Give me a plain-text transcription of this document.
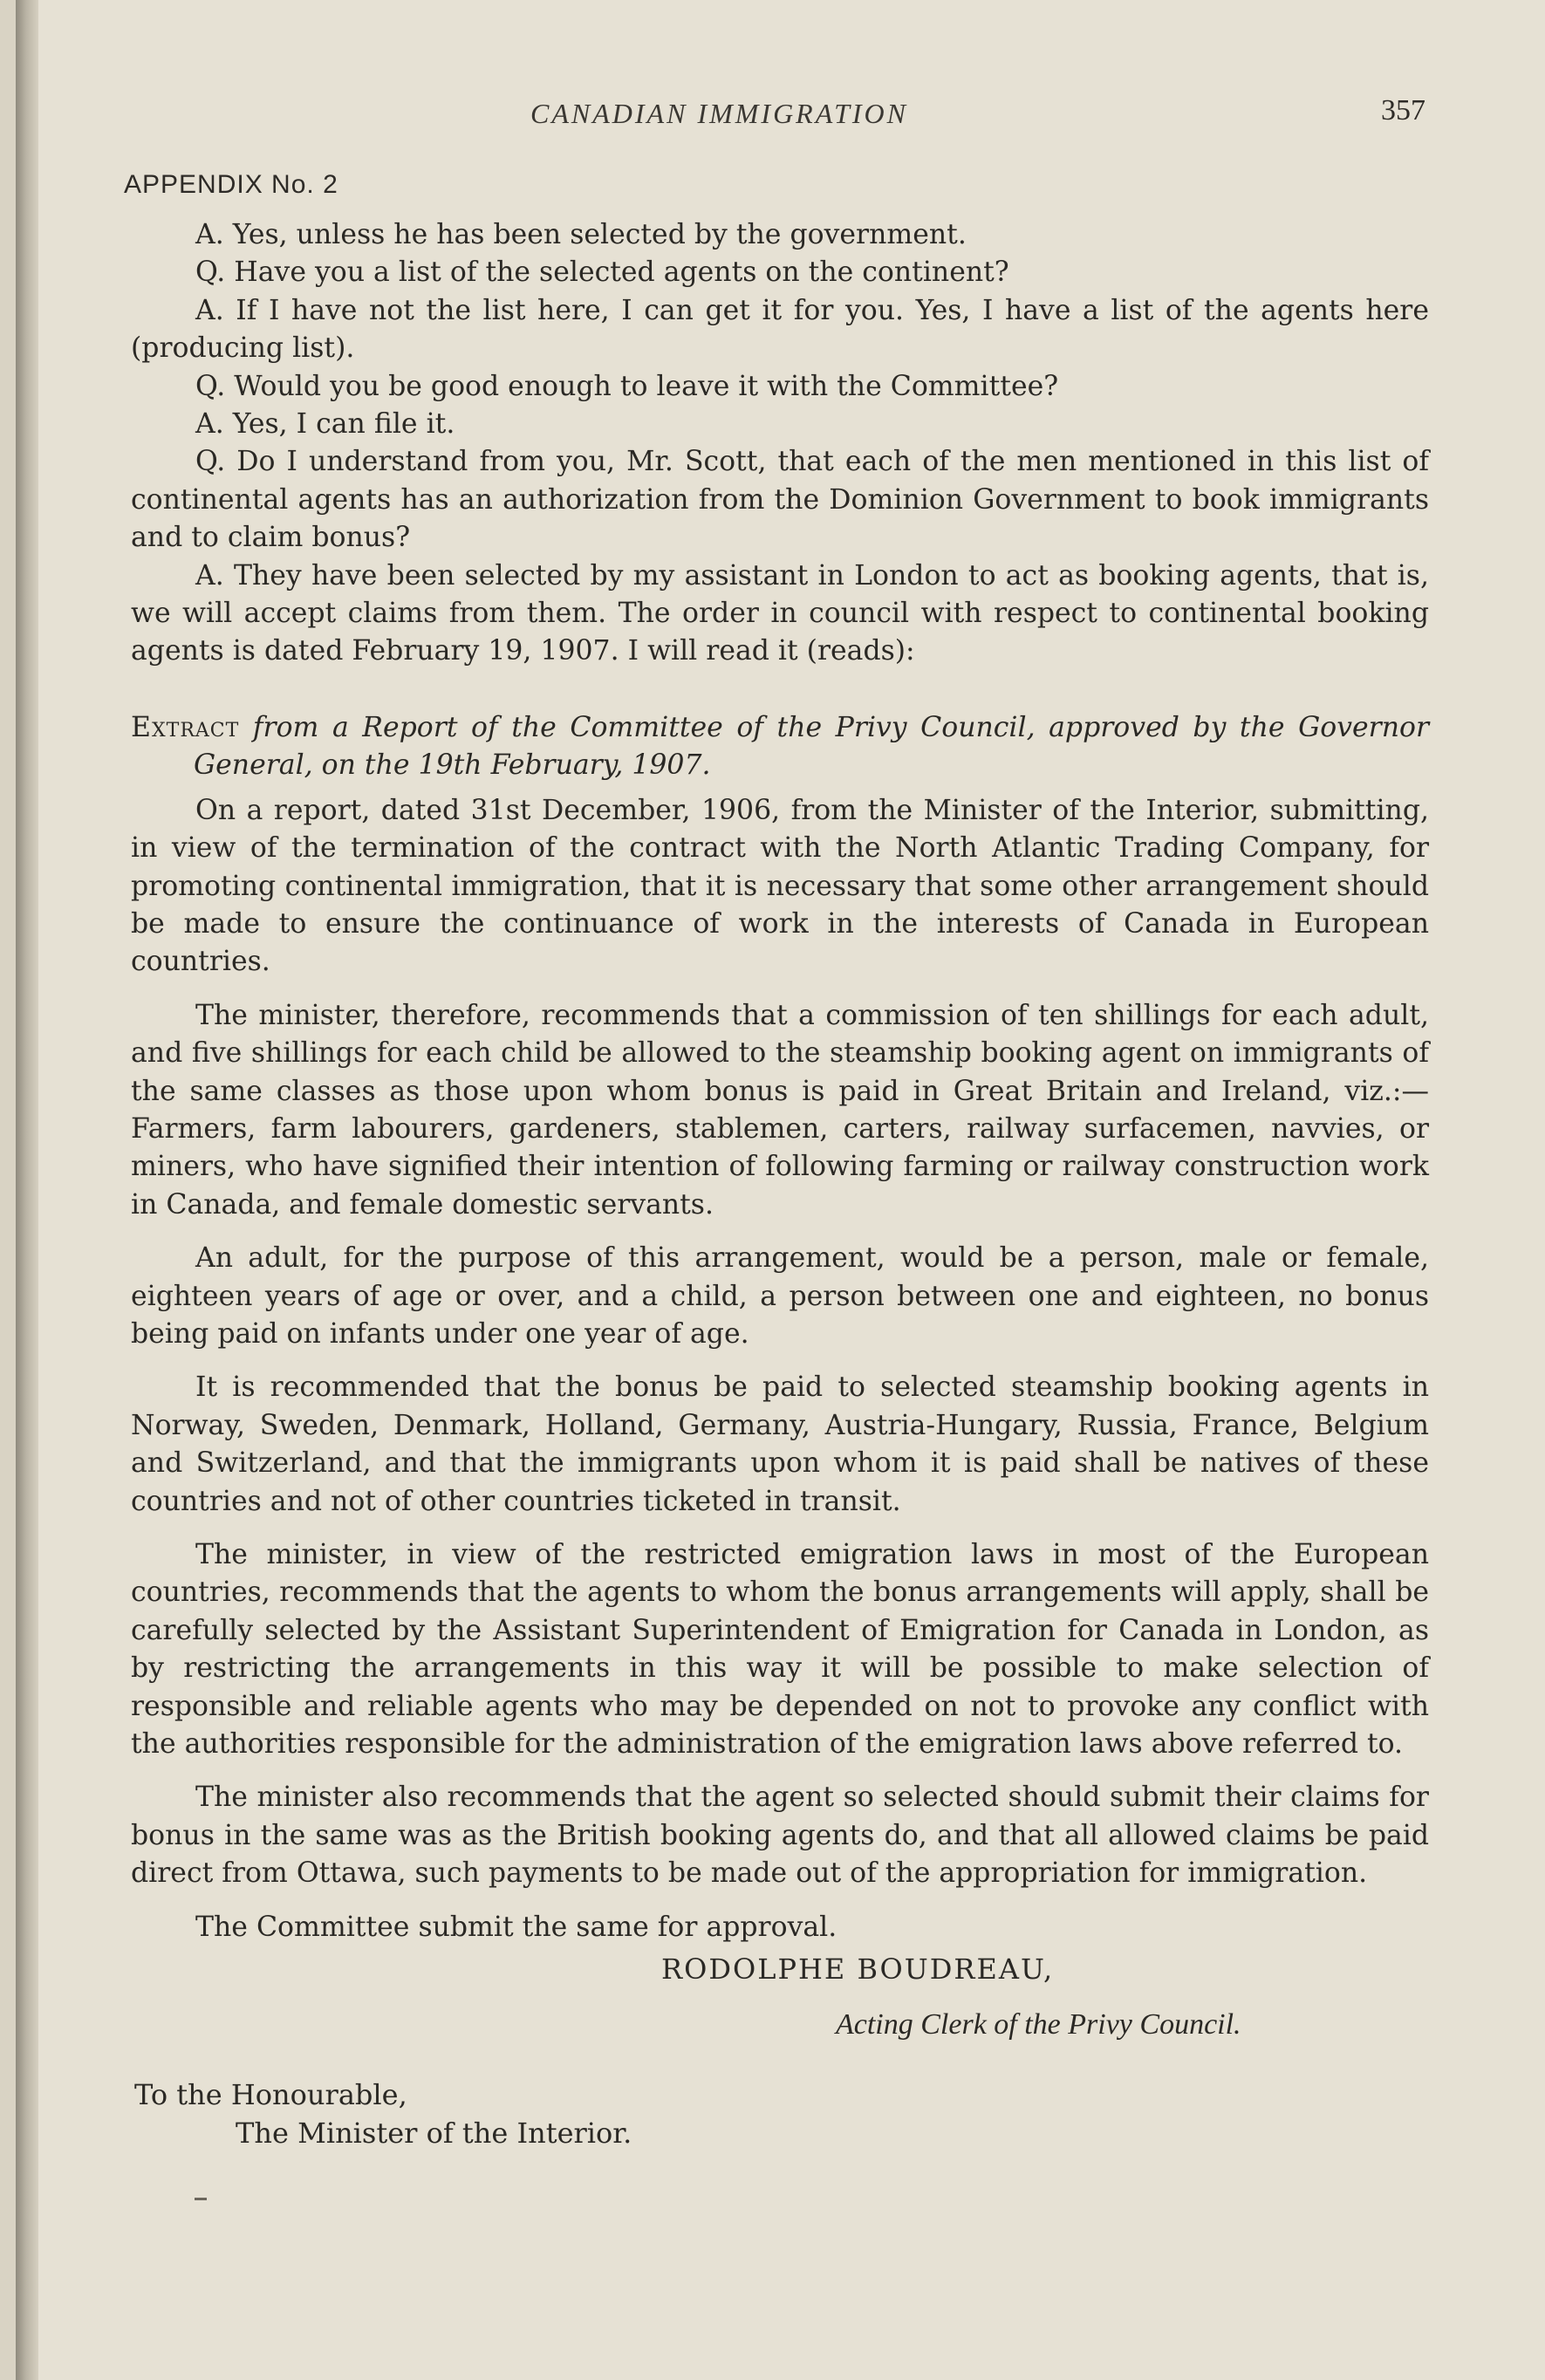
CANADIAN IMMIGRATION	357
APPENDIX No. 2

A. Yes, unless he has been selected by the government.

Q. Have you a list of the selected agents on the continent?

A. If I have not the list here, I can get it for you. Yes, I have a list of the agents here (producing list).

Q. Would you be good enough to leave it with the Committee?

A. Yes, I can file it.

Q. Do I understand from you, Mr. Scott, that each of the men mentioned in this list of continental agents has an authorization from the Dominion Government to book immigrants and to claim bonus?

A. They have been selected by my assistant in London to act as booking agents, that is, we will accept claims from them. The order in council with respect to continental booking agents is dated February 19, 1907. I will read it (reads):

Extract from a Report of the Committee of the Privy Council, approved by the Governor General, on the 19th February, 1907.

On a report, dated 31st December, 1906, from the Minister of the Interior, submitting, in view of the termination of the contract with the North Atlantic Trading Company, for promoting continental immigration, that it is necessary that some other arrangement should be made to ensure the continuance of work in the interests of Canada in European countries.

The minister, therefore, recommends that a commission of ten shillings for each adult, and five shillings for each child be allowed to the steamship booking agent on immigrants of the same classes as those upon whom bonus is paid in Great Britain and Ireland, viz.:—Farmers, farm labourers, gardeners, stablemen, carters, railway surfacemen, navvies, or miners, who have signified their intention of following farming or railway construction work in Canada, and female domestic servants.

An adult, for the purpose of this arrangement, would be a person, male or female, eighteen years of age or over, and a child, a person between one and eighteen, no bonus being paid on infants under one year of age.

It is recommended that the bonus be paid to selected steamship booking agents in Norway, Sweden, Denmark, Holland, Germany, Austria-Hungary, Russia, France, Belgium and Switzerland, and that the immigrants upon whom it is paid shall be natives of these countries and not of other countries ticketed in transit.

The minister, in view of the restricted emigration laws in most of the European countries, recommends that the agents to whom the bonus arrangements will apply, shall be carefully selected by the Assistant Superintendent of Emigration for Canada in London, as by restricting the arrangements in this way it will be possible to make selection of responsible and reliable agents who may be depended on not to provoke any conflict with the authorities responsible for the administration of the emigration laws above referred to.

The minister also recommends that the agent so selected should submit their claims for bonus in the same was as the British booking agents do, and that all allowed claims be paid direct from Ottawa, such payments to be made out of the appropriation for immigration.

The Committee submit the same for approval.

RODOLPHE BOUDREAU,
Acting Clerk of the Privy Council.
To the Honourable,
The Minister of the Interior.
